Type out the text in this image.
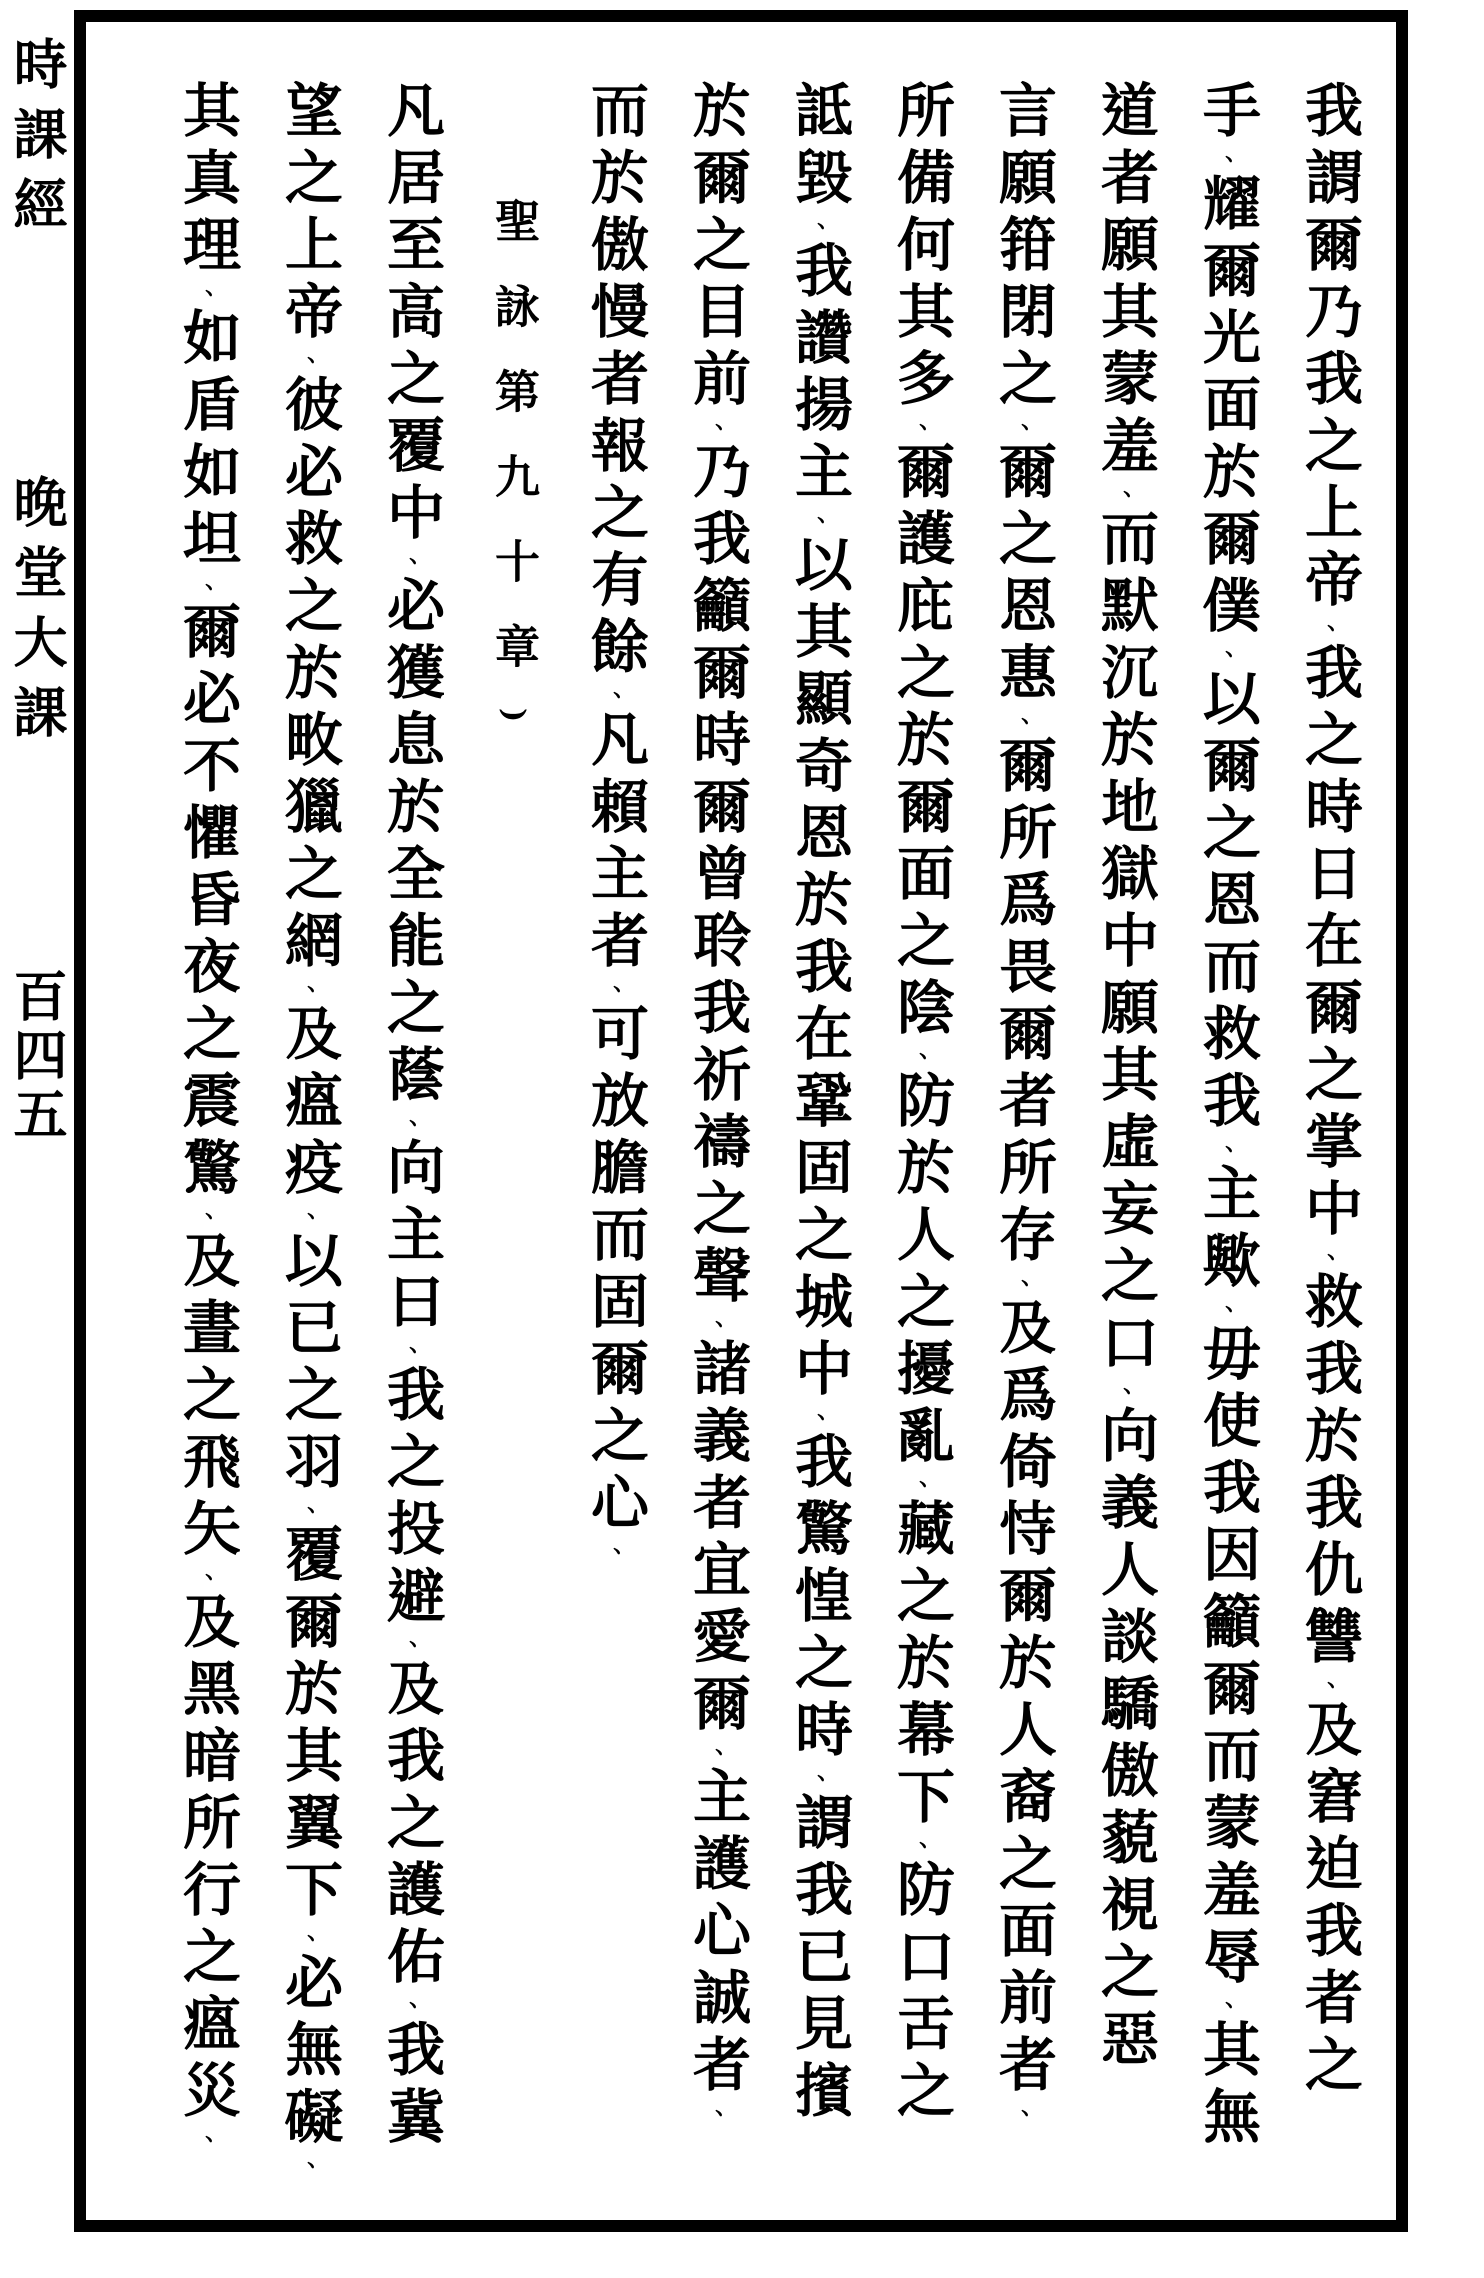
時課經
晚堂大課
百四五
我謂爾乃我之上帝、我之時日在爾之掌中、救我於我仇讐、及窘迫我者之
手、耀爾光面於爾僕、以爾之恩而救我、主歟、毋使我因籲爾而蒙羞辱、其無
道者願其蒙羞、而默沉於地獄中願其虛妄之口、向義人談驕傲藐視之惡
言願箝閉之、爾之恩惠、爾所爲畏爾者所存、及爲倚恃爾於人裔之面前者、
所備何其多、爾護庇之於爾面之陰、防於人之擾亂、藏之於幕下、防口舌之
詆毀、我讚揚主、以其顯奇恩於我在鞏固之城中、我驚惶之時、謂我已見擯
於爾之目前、乃我籲爾時爾曾聆我祈禱之聲、諸義者宜愛爾、主護心誠者、
而於傲慢者報之有餘、凡賴主者、可放膽而固爾之心、
聖詠第九十章)
凡居至高之覆中、必獲息於全能之蔭、向主曰、我之投避、及我之護佑、我冀
望之上帝、彼必救之於畋獵之網、及瘟疫、以已之羽、覆爾於其翼下、必無礙、
其真理、如盾如坦、爾必不懼昏夜之震驚、及晝之飛矢、及黑暗所行之瘟災、
